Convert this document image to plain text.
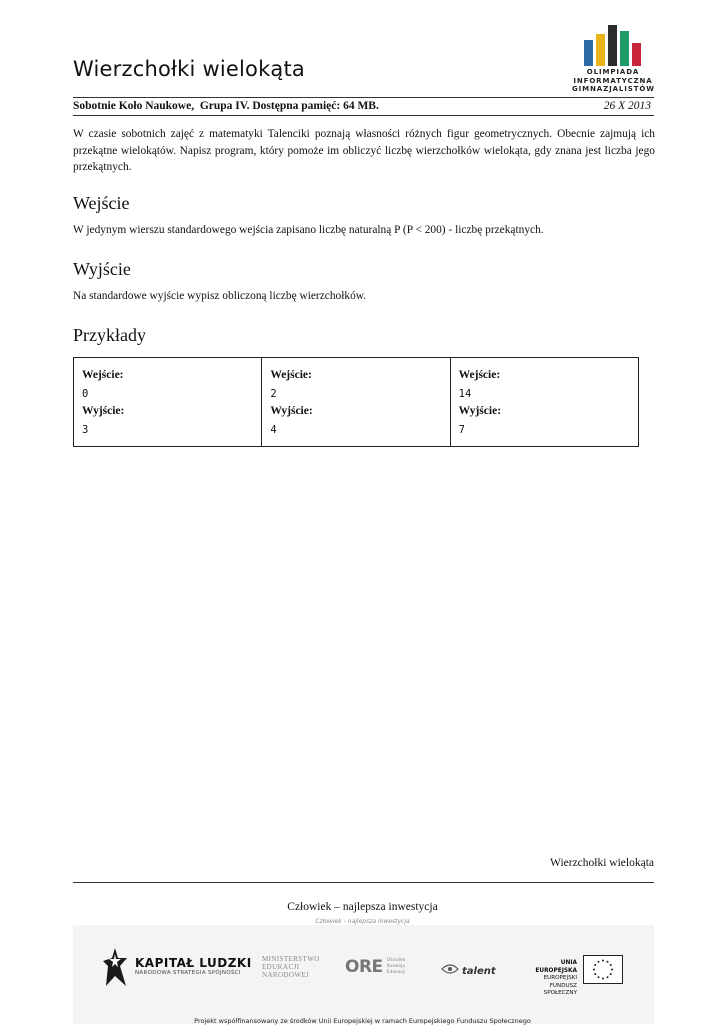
Wierzchołki wielokąta	OLIMPIADA
INFORMATYCZNA
GIMNAZJALISTÓW
Sobotnie Koło Naukowe,  Grupa IV. Dostępna pamięć: 64 MB.	26 X 2013
W czasie sobotnich zajęć z matematyki Talenciki poznają własności różnych figur geometrycznych. Obecnie zajmują ich przekątne wielokątów. Napisz program, który pomoże im obliczyć liczbę wierzchołków wielokąta, gdy znana jest liczba jego przekątnych.
Wejście
W jedynym wierszu standardowego wejścia zapisano liczbę naturalną P (P < 200) - liczbę przekątnych.
Wyjście
Na standardowe wyjście wypisz obliczoną liczbę wierzchołków.
Przykłady
Wejście:
0
Wyjście:
3
Wejście:
2
Wyjście:
4
Wejście:
14
Wyjście:
7
Wierzchołki wielokąta
Człowiek – najlepsza inwestycja
Człowiek - najlepsza inwestycja
KAPITAŁ LUDZKI
NARODOWA STRATEGIA SPÓJNOŚCI
MINISTERSTWO
EDUKACJI
NARODOWEJ	ORE Ośrodek
Rozwoju
Edukacji	talent
UNIA EUROPEJSKA
EUROPEJSKI
FUNDUSZ SPOŁECZNY
Projekt współfinansowany ze środków Unii Europejskiej w ramach Europejskiego Funduszu Społecznego
